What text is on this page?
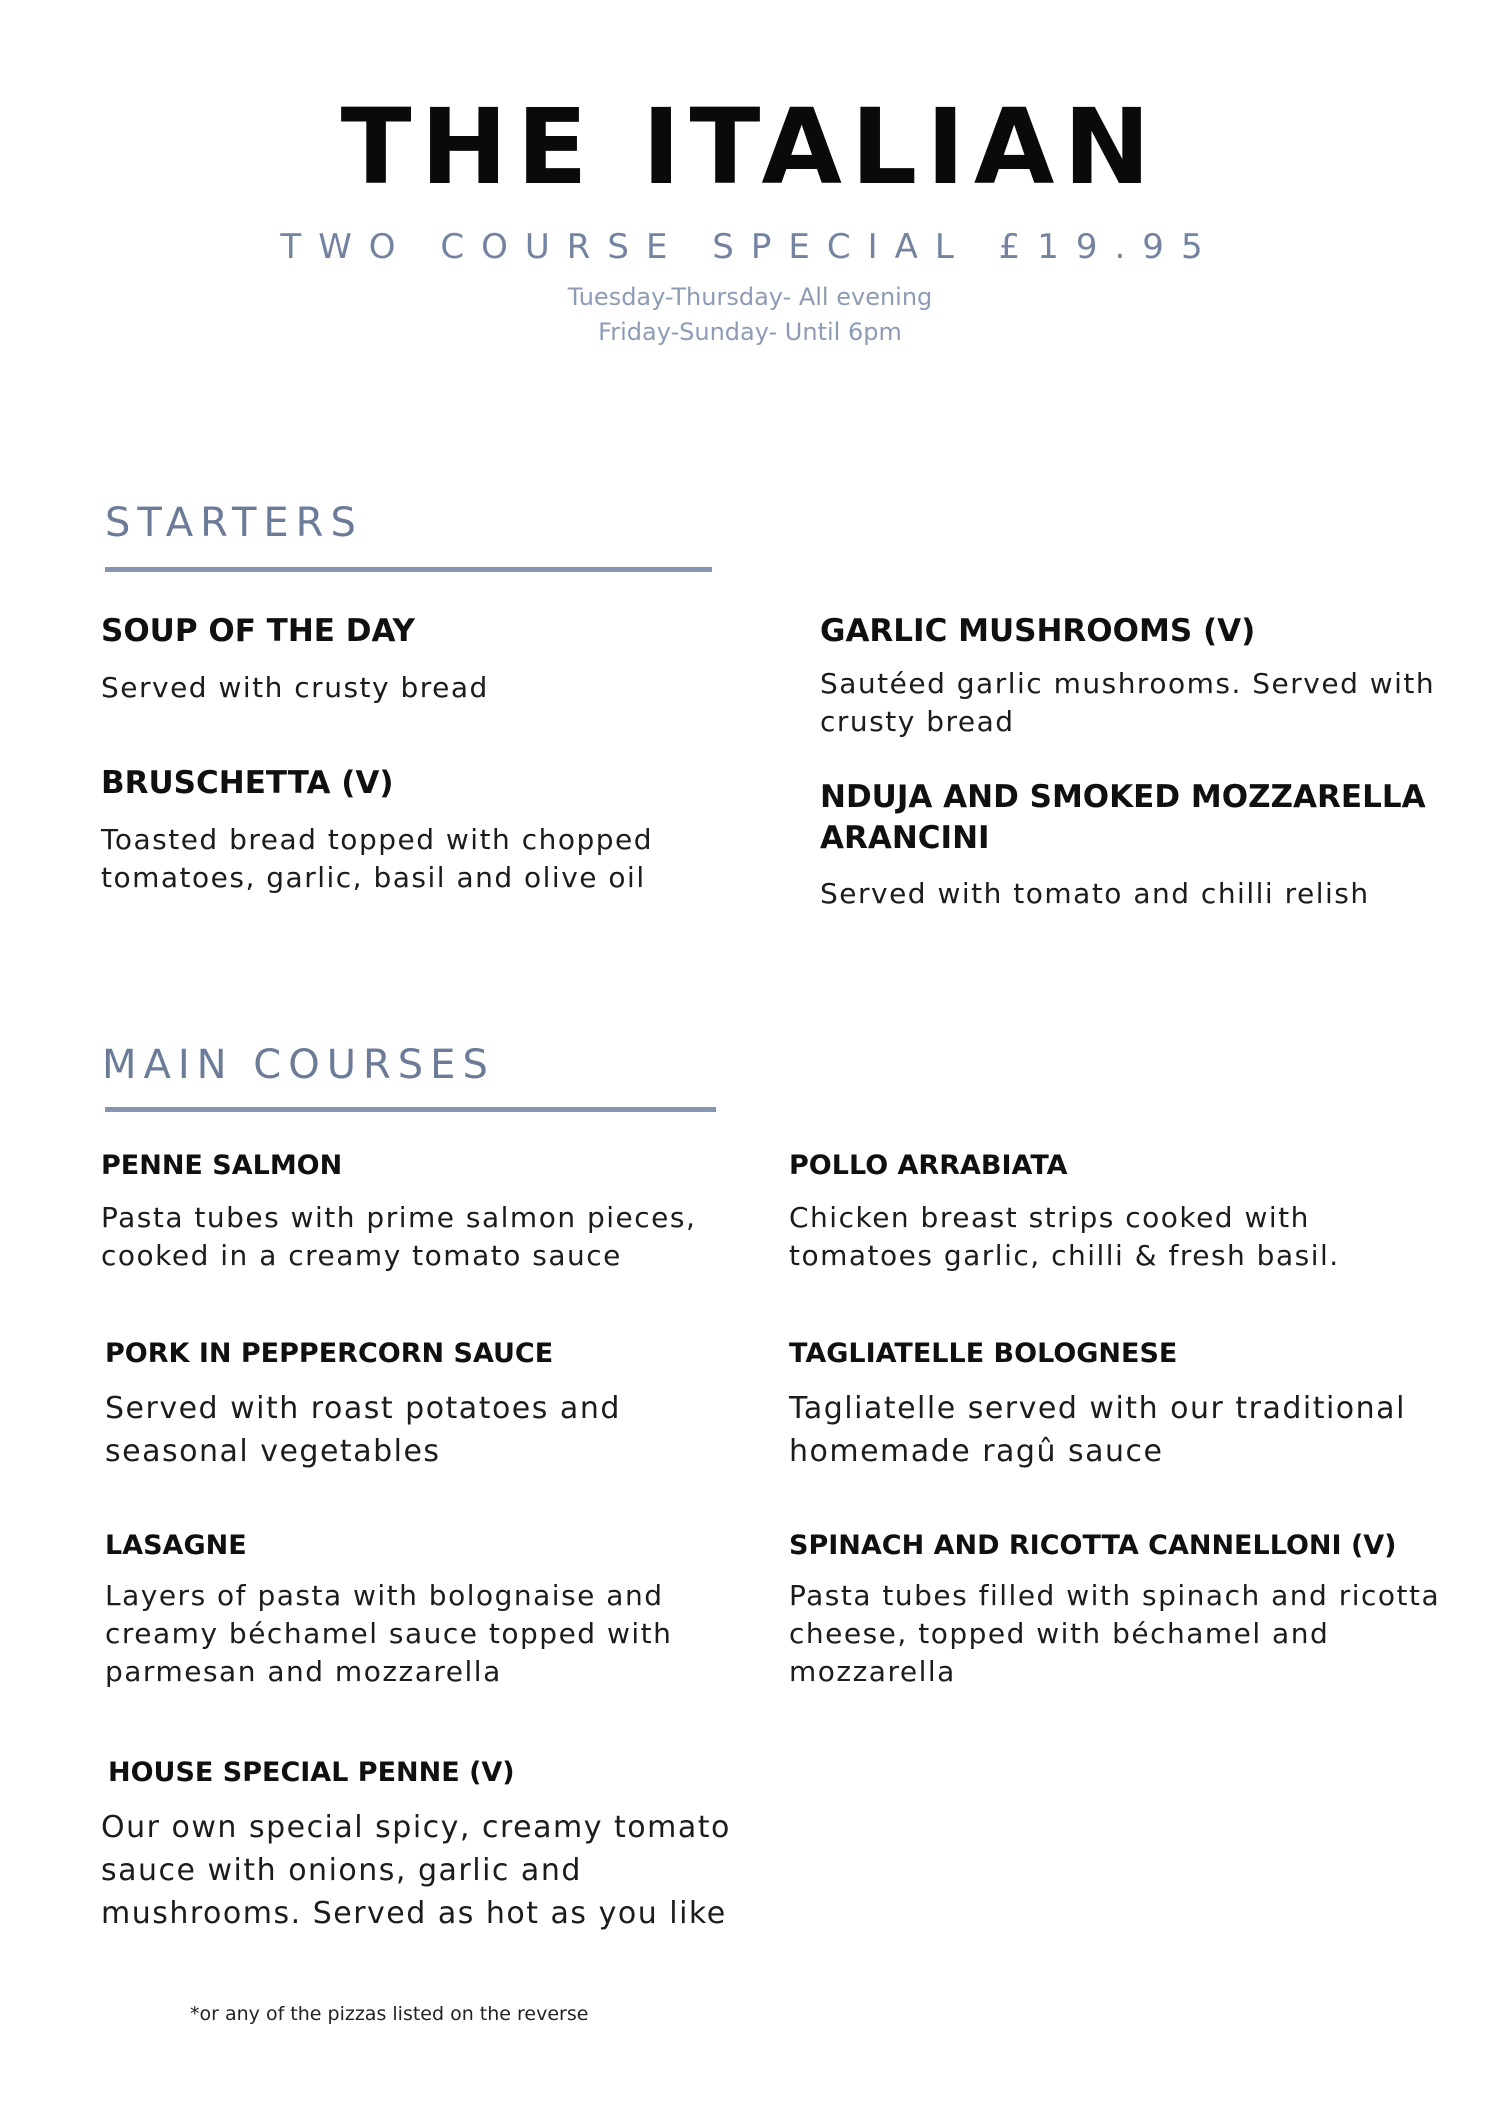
THE ITALIAN
TWO COURSE SPECIAL £19.95
Tuesday-Thursday- All evening
Friday-Sunday- Until 6pm
STARTERS
SOUP OF THE DAY
Served with crusty bread
BRUSCHETTA (V)
Toasted bread topped with chopped tomatoes, garlic, basil and olive oil
GARLIC MUSHROOMS (V)
Sautéed garlic mushrooms. Served with crusty bread
NDUJA AND SMOKED MOZZARELLA ARANCINI
Served with tomato and chilli relish
MAIN COURSES
PENNE SALMON
Pasta tubes with prime salmon pieces, cooked in a creamy tomato sauce
POLLO ARRABIATA
Chicken breast strips cooked with tomatoes garlic, chilli & fresh basil.
PORK IN PEPPERCORN SAUCE
Served with roast potatoes and seasonal vegetables
TAGLIATELLE BOLOGNESE
Tagliatelle served with our traditional homemade ragû sauce
LASAGNE
Layers of pasta with bolognaise and creamy béchamel sauce topped with parmesan and mozzarella
SPINACH AND RICOTTA CANNELLONI (V)
Pasta tubes filled with spinach and ricotta cheese, topped with béchamel and mozzarella
HOUSE SPECIAL PENNE (V)
Our own special spicy, creamy tomato sauce with onions, garlic and mushrooms. Served as hot as you like
*or any of the pizzas listed on the reverse
